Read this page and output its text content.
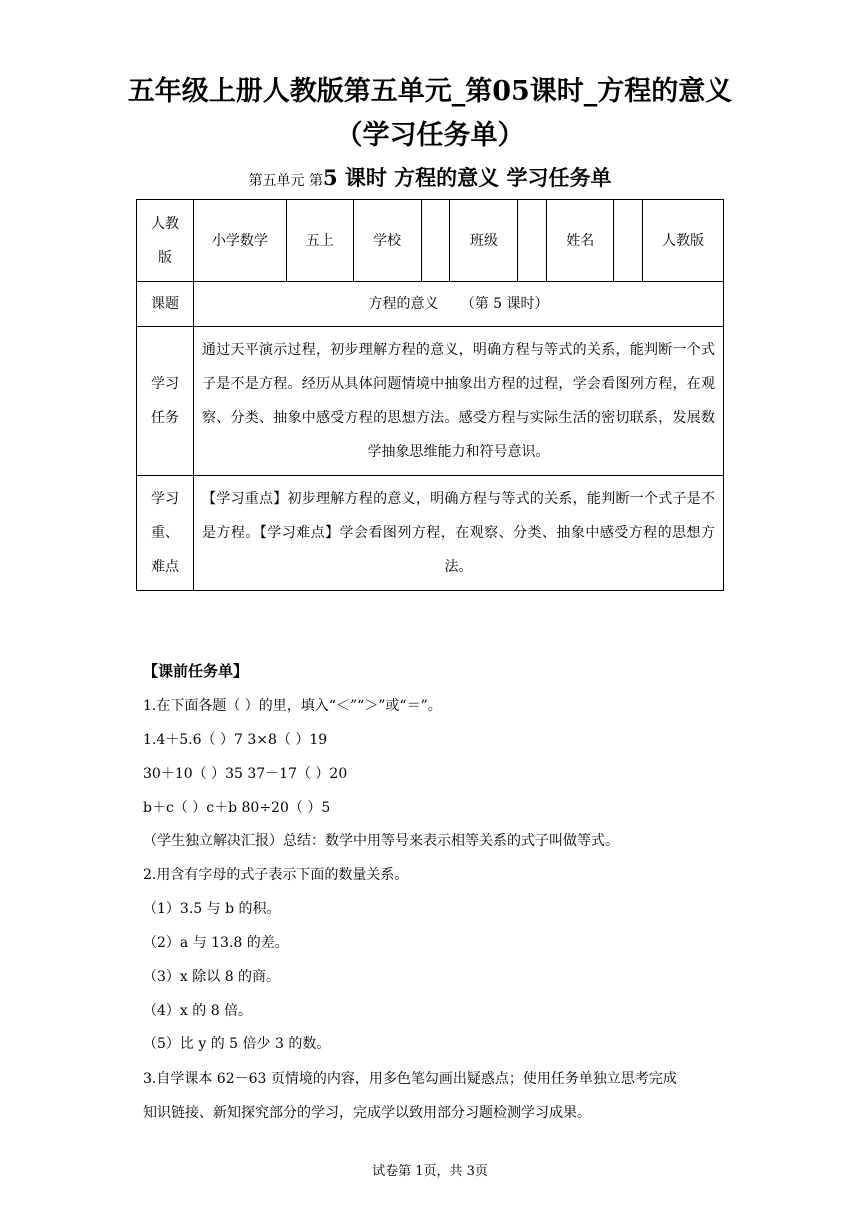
五年级上册人教版第五单元_第05课时_方程的意义（学习任务单）
第五单元 第5 课时 方程的意义 学习任务单
人教版	小学数学	五上	学校		班级		姓名		人教版
课题	方程的意义     （第 5 课时）								
学习任务	通过天平演示过程，初步理解方程的意义，明确方程与等式的关系，能判断一个式子是不是方程。经历从具体问题情境中抽象出方程的过程，学会看图列方程，在观察、分类、抽象中感受方程的思想方法。感受方程与实际生活的密切联系，发展数学抽象思维能力和符号意识。								
学习重、难点	【学习重点】初步理解方程的意义，明确方程与等式的关系，能判断一个式子是不是方程。【学习难点】学会看图列方程，在观察、分类、抽象中感受方程的思想方法。								
【课前任务单】
1.在下面各题（ ）的里，填入“＜”“＞”或“＝”。
1.4＋5.6（ ）7 3×8（ ）19
30＋10（ ）35 37－17（ ）20
b＋c（ ）c＋b 80÷20（ ）5
（学生独立解决汇报）总结：数学中用等号来表示相等关系的式子叫做等式。
2.用含有字母的式子表示下面的数量关系。
（1）3.5 与 b 的积。
（2）a 与 13.8 的差。
（3）x 除以 8 的商。
（4）x 的 8 倍。
（5）比 y 的 5 倍少 3 的数。
3.自学课本 62－63 页情境的内容，用多色笔勾画出疑惑点；使用任务单独立思考完成
知识链接、新知探究部分的学习，完成学以致用部分习题检测学习成果。
试卷第 1页，共 3页
